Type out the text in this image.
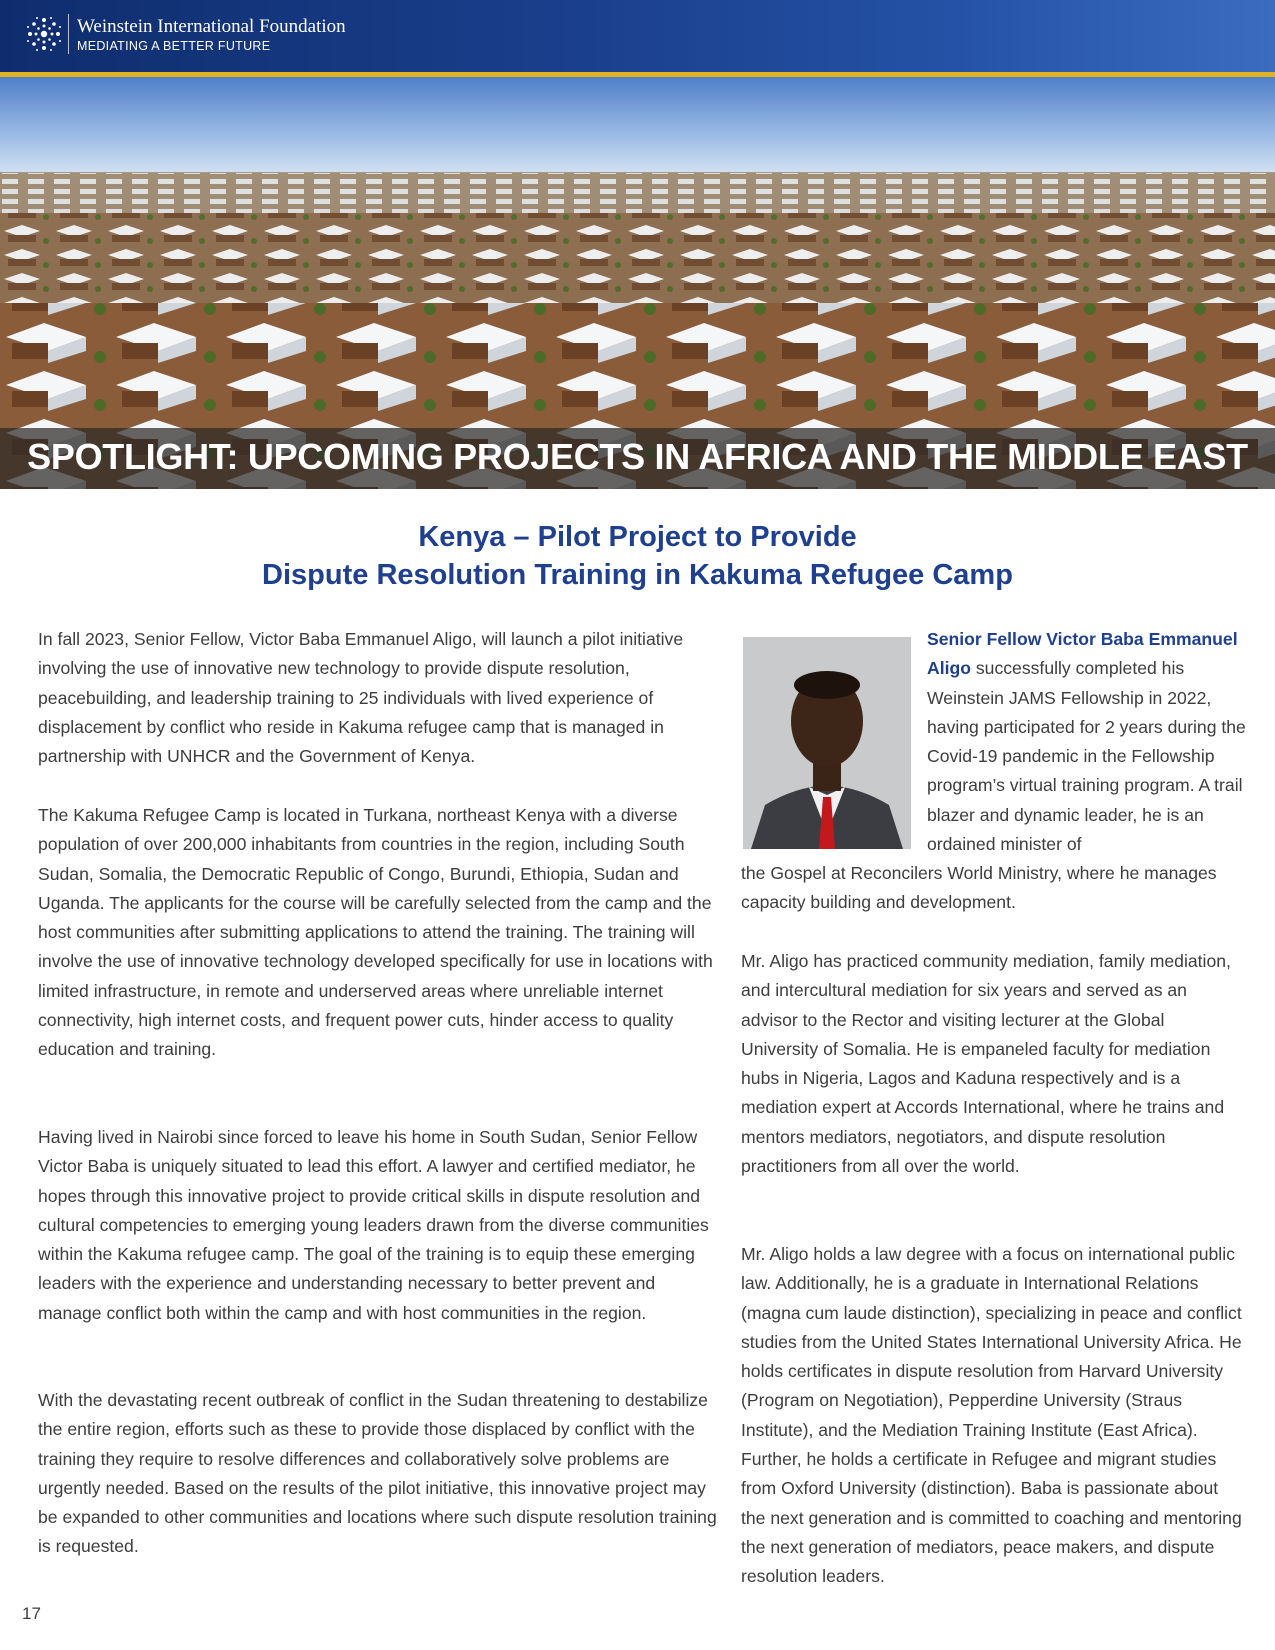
Weinstein International Foundation
MEDIATING A BETTER FUTURE
SPOTLIGHT: UPCOMING PROJECTS IN AFRICA AND THE MIDDLE EAST
Kenya – Pilot Project to Provide
Dispute Resolution Training in Kakuma Refugee Camp

In fall 2023, Senior Fellow, Victor Baba Emmanuel Aligo, will launch a pilot initiative involving the use of innovative new technology to provide dispute resolution, peacebuilding, and leadership training to 25 individuals with lived experience of displacement by conflict who reside in Kakuma refugee camp that is managed in partnership with UNHCR and the Government of Kenya.

The Kakuma Refugee Camp is located in Turkana, northeast Kenya with a diverse population of over 200,000 inhabitants from countries in the region, including South Sudan, Somalia, the Democratic Republic of Congo, Burundi, Ethiopia, Sudan and Uganda. The applicants for the course will be carefully selected from the camp and the host communities after submitting applications to attend the training. The training will involve the use of innovative technology developed specifically for use in locations with limited infrastructure, in remote and underserved areas where unreliable internet connectivity, high internet costs, and frequent power cuts, hinder access to quality education and training.

Having lived in Nairobi since forced to leave his home in South Sudan, Senior Fellow Victor Baba is uniquely situated to lead this effort. A lawyer and certified mediator, he hopes through this innovative project to provide critical skills in dispute resolution and cultural competencies to emerging young leaders drawn from the diverse communities within the Kakuma refugee camp. The goal of the training is to equip these emerging leaders with the experience and understanding necessary to better prevent and manage conflict both within the camp and with host communities in the region.

With the devastating recent outbreak of conflict in the Sudan threatening to destabilize the entire region, efforts such as these to provide those displaced by conflict with the training they require to resolve differences and collaboratively solve problems are urgently needed. Based on the results of the pilot initiative, this innovative project may be expanded to other communities and locations where such dispute resolution training is requested.

Senior Fellow Victor Baba Emmanuel Aligo successfully completed his Weinstein JAMS Fellowship in 2022, having participated for 2 years during the Covid-19 pandemic in the Fellowship program’s virtual training program. A trail blazer and dynamic leader, he is an ordained minister of

the Gospel at Reconcilers World Ministry, where he manages capacity building and development.

Mr. Aligo has practiced community mediation, family mediation, and intercultural mediation for six years and served as an advisor to the Rector and visiting lecturer at the Global University of Somalia. He is empaneled faculty for mediation hubs in Nigeria, Lagos and Kaduna respectively and is a mediation expert at Accords International, where he trains and mentors mediators, negotiators, and dispute resolution practitioners from all over the world.

Mr. Aligo holds a law degree with a focus on international public law. Additionally, he is a graduate in International Relations (magna cum laude distinction), specializing in peace and conflict studies from the United States International University Africa. He holds certificates in dispute resolution from Harvard University (Program on Negotiation), Pepperdine University (Straus Institute), and the Mediation Training Institute (East Africa). Further, he holds a certificate in Refugee and migrant studies from Oxford University (distinction). Baba is passionate about the next generation and is committed to coaching and mentoring the next generation of mediators, peace makers, and dispute resolution leaders.

17
